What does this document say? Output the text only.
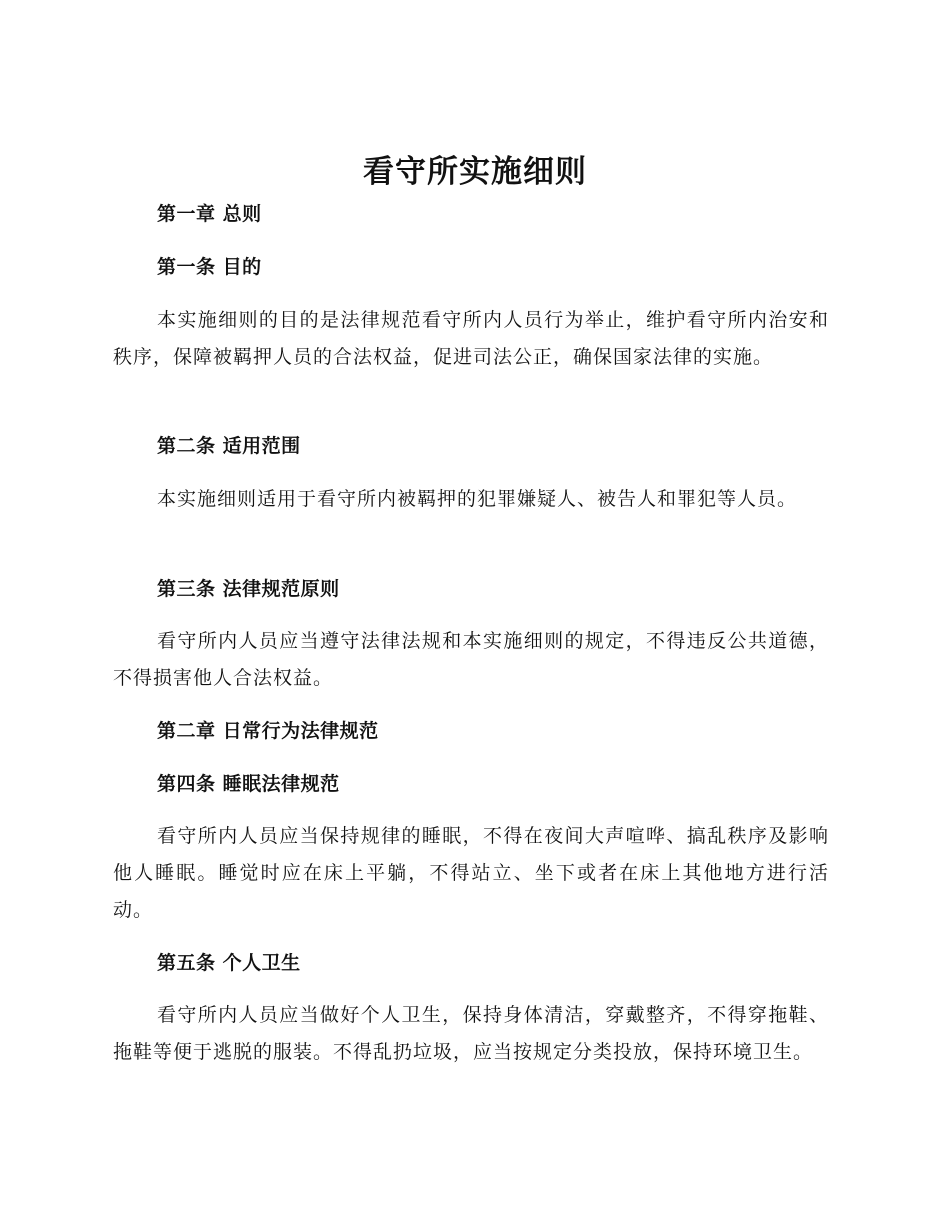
看守所实施细则
第一章 总则
第一条 目的

本实施细则的目的是法律规范看守所内人员行为举止，维护看守所内治安和秩序，保障被羁押人员的合法权益，促进司法公正，确保国家法律的实施。

第二条 适用范围

本实施细则适用于看守所内被羁押的犯罪嫌疑人、被告人和罪犯等人员。

第三条 法律规范原则

看守所内人员应当遵守法律法规和本实施细则的规定，不得违反公共道德，不得损害他人合法权益。

第二章 日常行为法律规范
第四条 睡眠法律规范

看守所内人员应当保持规律的睡眠，不得在夜间大声喧哗、搞乱秩序及影响他人睡眠。睡觉时应在床上平躺，不得站立、坐下或者在床上其他地方进行活动。

第五条 个人卫生

看守所内人员应当做好个人卫生，保持身体清洁，穿戴整齐，不得穿拖鞋、拖鞋等便于逃脱的服装。不得乱扔垃圾，应当按规定分类投放，保持环境卫生。
